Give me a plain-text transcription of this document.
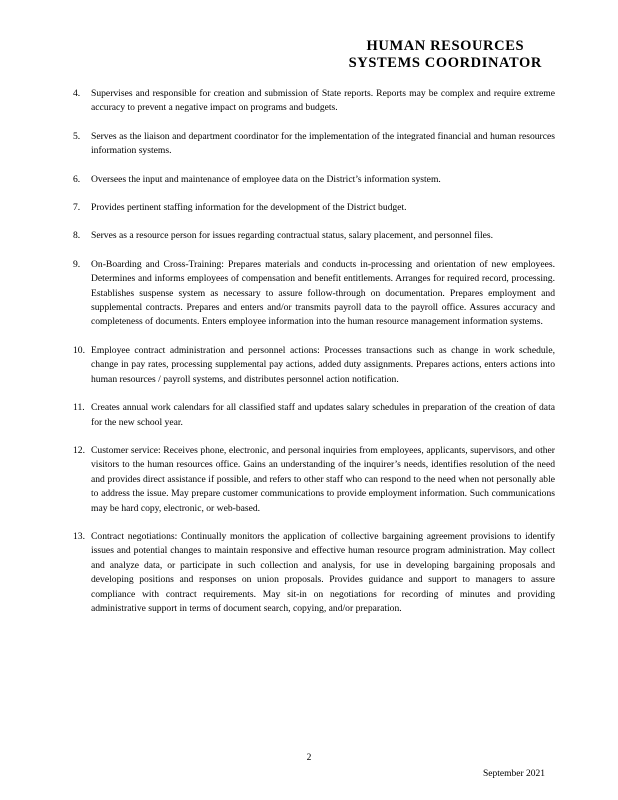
HUMAN RESOURCES
SYSTEMS COORDINATOR
4.	Supervises and responsible for creation and submission of State reports. Reports may be complex and require extreme accuracy to prevent a negative impact on programs and budgets.
5.	Serves as the liaison and department coordinator for the implementation of the integrated financial and human resources information systems.
6.	Oversees the input and maintenance of employee data on the District’s information system.
7.	Provides pertinent staffing information for the development of the District budget.
8.	Serves as a resource person for issues regarding contractual status, salary placement, and personnel files.
9.	On-Boarding and Cross-Training: Prepares materials and conducts in-processing and orientation of new employees. Determines and informs employees of compensation and benefit entitlements. Arranges for required record, processing. Establishes suspense system as necessary to assure follow-through on documentation. Prepares employment and supplemental contracts. Prepares and enters and/or transmits payroll data to the payroll office. Assures accuracy and completeness of documents. Enters employee information into the human resource management information systems.
10. Employee contract administration and personnel actions: Processes transactions such as change in work schedule, change in pay rates, processing supplemental pay actions, added duty assignments. Prepares actions, enters actions into human resources / payroll systems, and distributes personnel action notification.
11. Creates annual work calendars for all classified staff and updates salary schedules in preparation of the creation of data for the new school year.
12. Customer service: Receives phone, electronic, and personal inquiries from employees, applicants, supervisors, and other visitors to the human resources office. Gains an understanding of the inquirer’s needs, identifies resolution of the need and provides direct assistance if possible, and refers to other staff who can respond to the need when not personally able to address the issue. May prepare customer communications to provide employment information. Such communications may be hard copy, electronic, or web-based.
13. Contract negotiations: Continually monitors the application of collective bargaining agreement provisions to identify issues and potential changes to maintain responsive and effective human resource program administration. May collect and analyze data, or participate in such collection and analysis, for use in developing bargaining proposals and developing positions and responses on union proposals. Provides guidance and support to managers to assure compliance with contract requirements. May sit-in on negotiations for recording of minutes and providing administrative support in terms of document search, copying, and/or preparation.
2
September 2021
